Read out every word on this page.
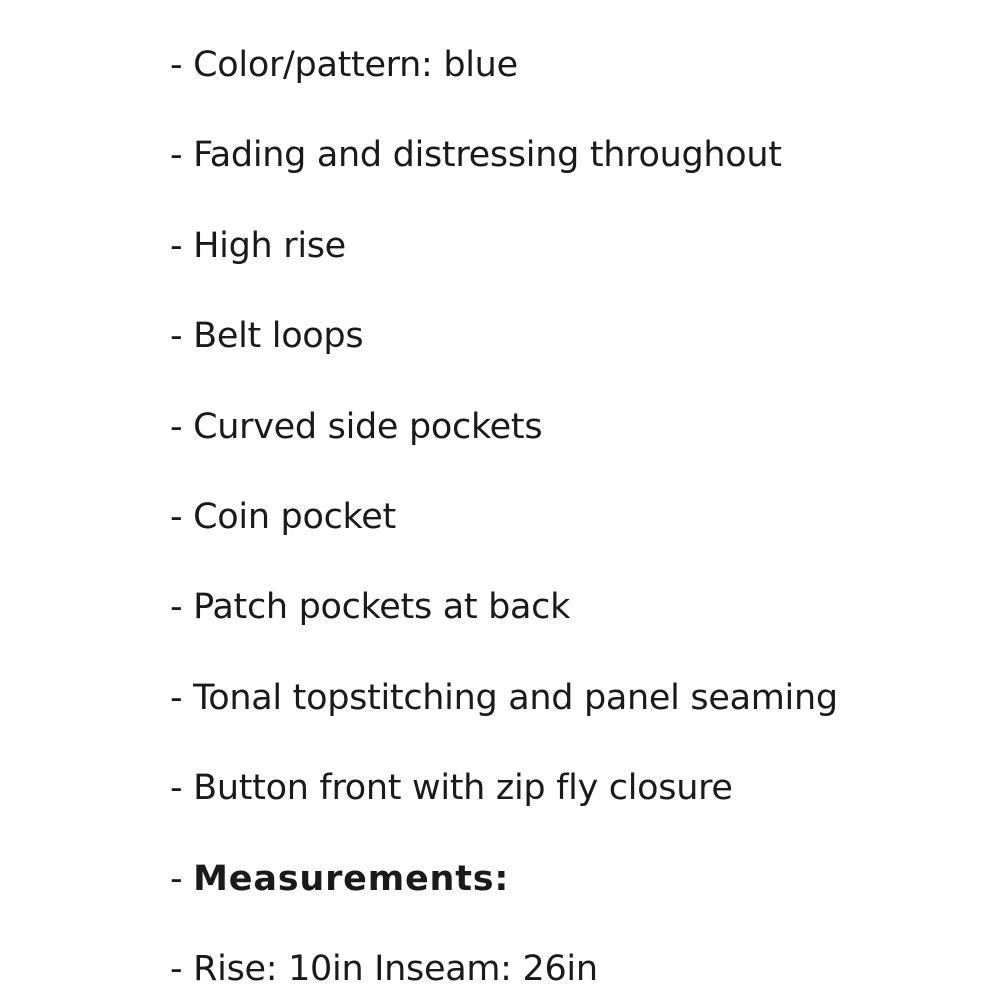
- Color/pattern: blue
- Fading and distressing throughout
- High rise
- Belt loops
- Curved side pockets
- Coin pocket
- Patch pockets at back
- Tonal topstitching and panel seaming
- Button front with zip fly closure
- Measurements:
- Rise: 10in Inseam: 26in
